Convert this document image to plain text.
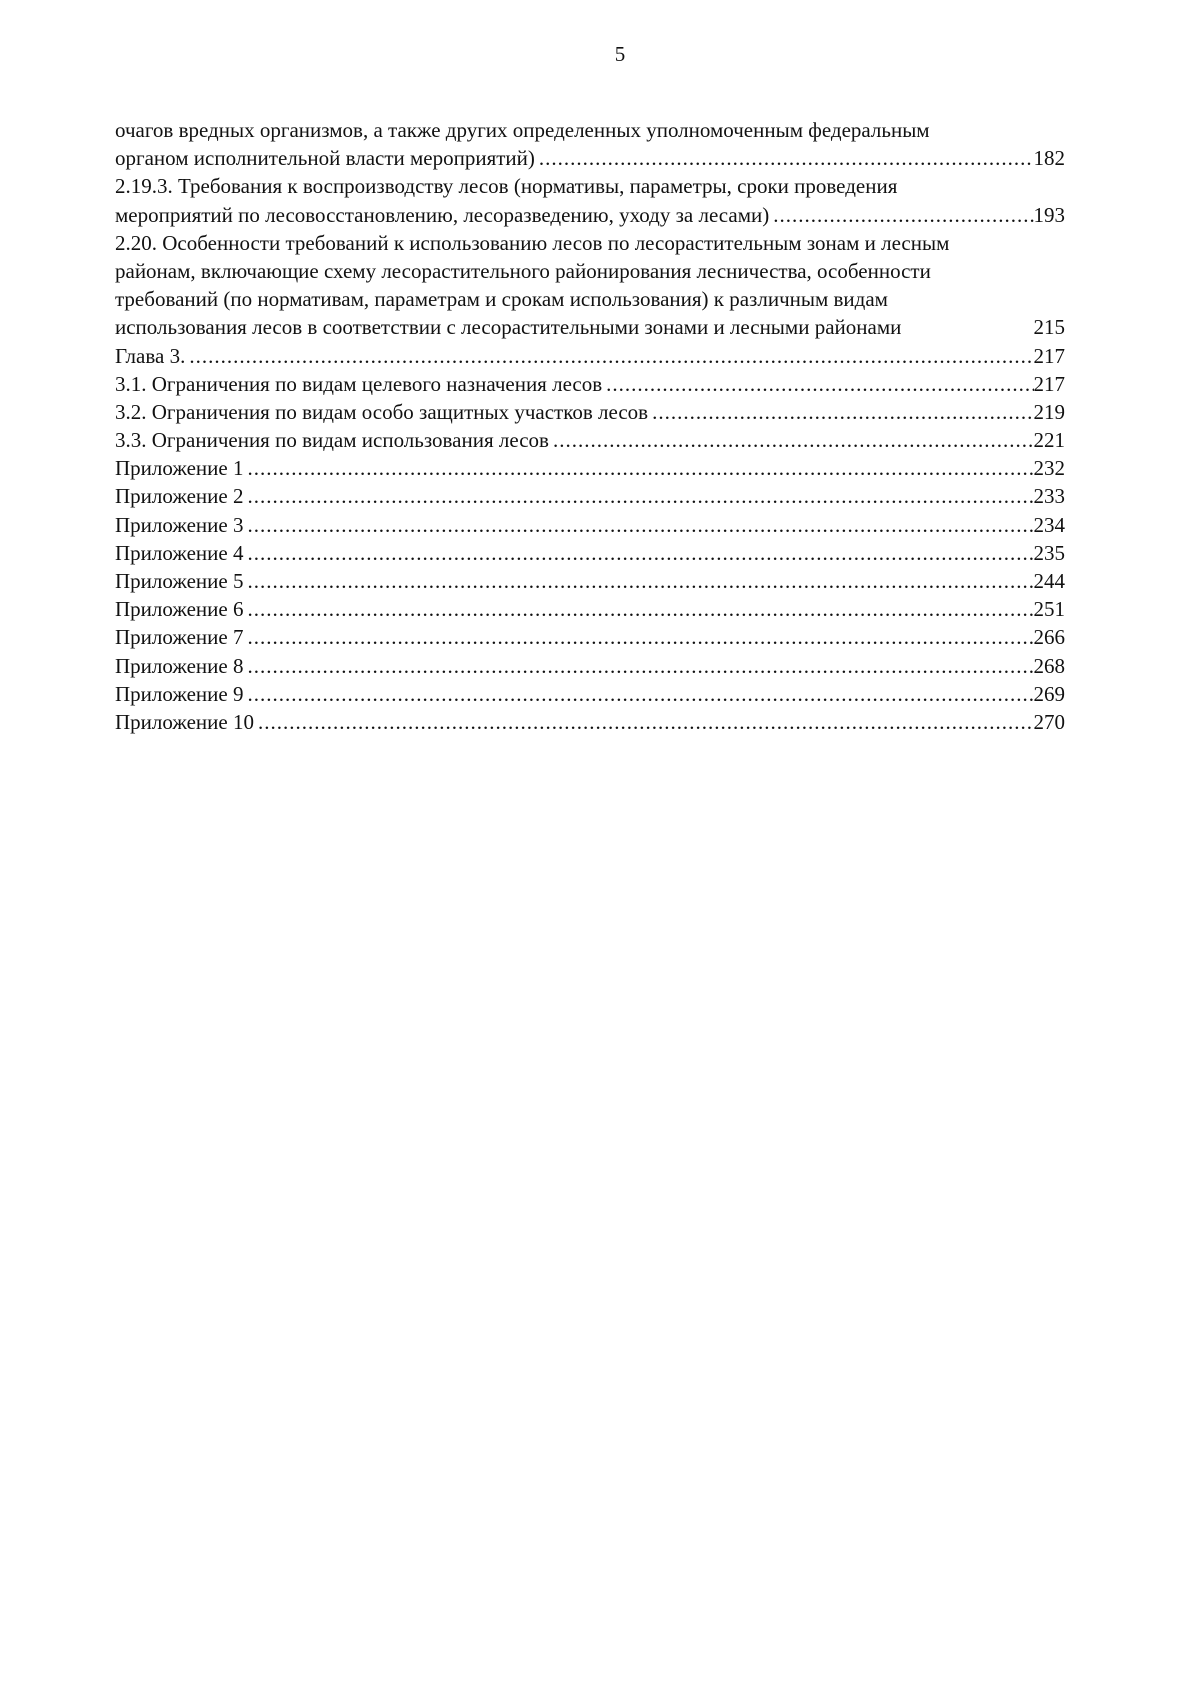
5
очагов вредных организмов, а также других определенных уполномоченным федеральным
органом исполнительной власти мероприятий) .....	182
2.19.3. Требования к воспроизводству лесов (нормативы, параметры, сроки проведения
мероприятий по лесовосстановлению, лесоразведению, уходу за лесами) .....	193
2.20. Особенности требований к использованию лесов по лесорастительным зонам и лесным
районам, включающие схему лесорастительного районирования лесничества, особенности
требований (по нормативам, параметрам и срокам использования) к различным видам
использования лесов в соответствии с лесорастительными зонами и лесными районами	215
Глава 3. .....	217
3.1. Ограничения по видам целевого назначения лесов .....	217
3.2. Ограничения по видам особо защитных участков лесов .....	219
3.3. Ограничения по видам использования лесов .....	221
Приложение 1 .....	232
Приложение 2 .....	233
Приложение 3 .....	234
Приложение 4 .....	235
Приложение 5 .....	244
Приложение 6 .....	251
Приложение 7 .....	266
Приложение 8 .....	268
Приложение 9 .....	269
Приложение 10 .....	270
